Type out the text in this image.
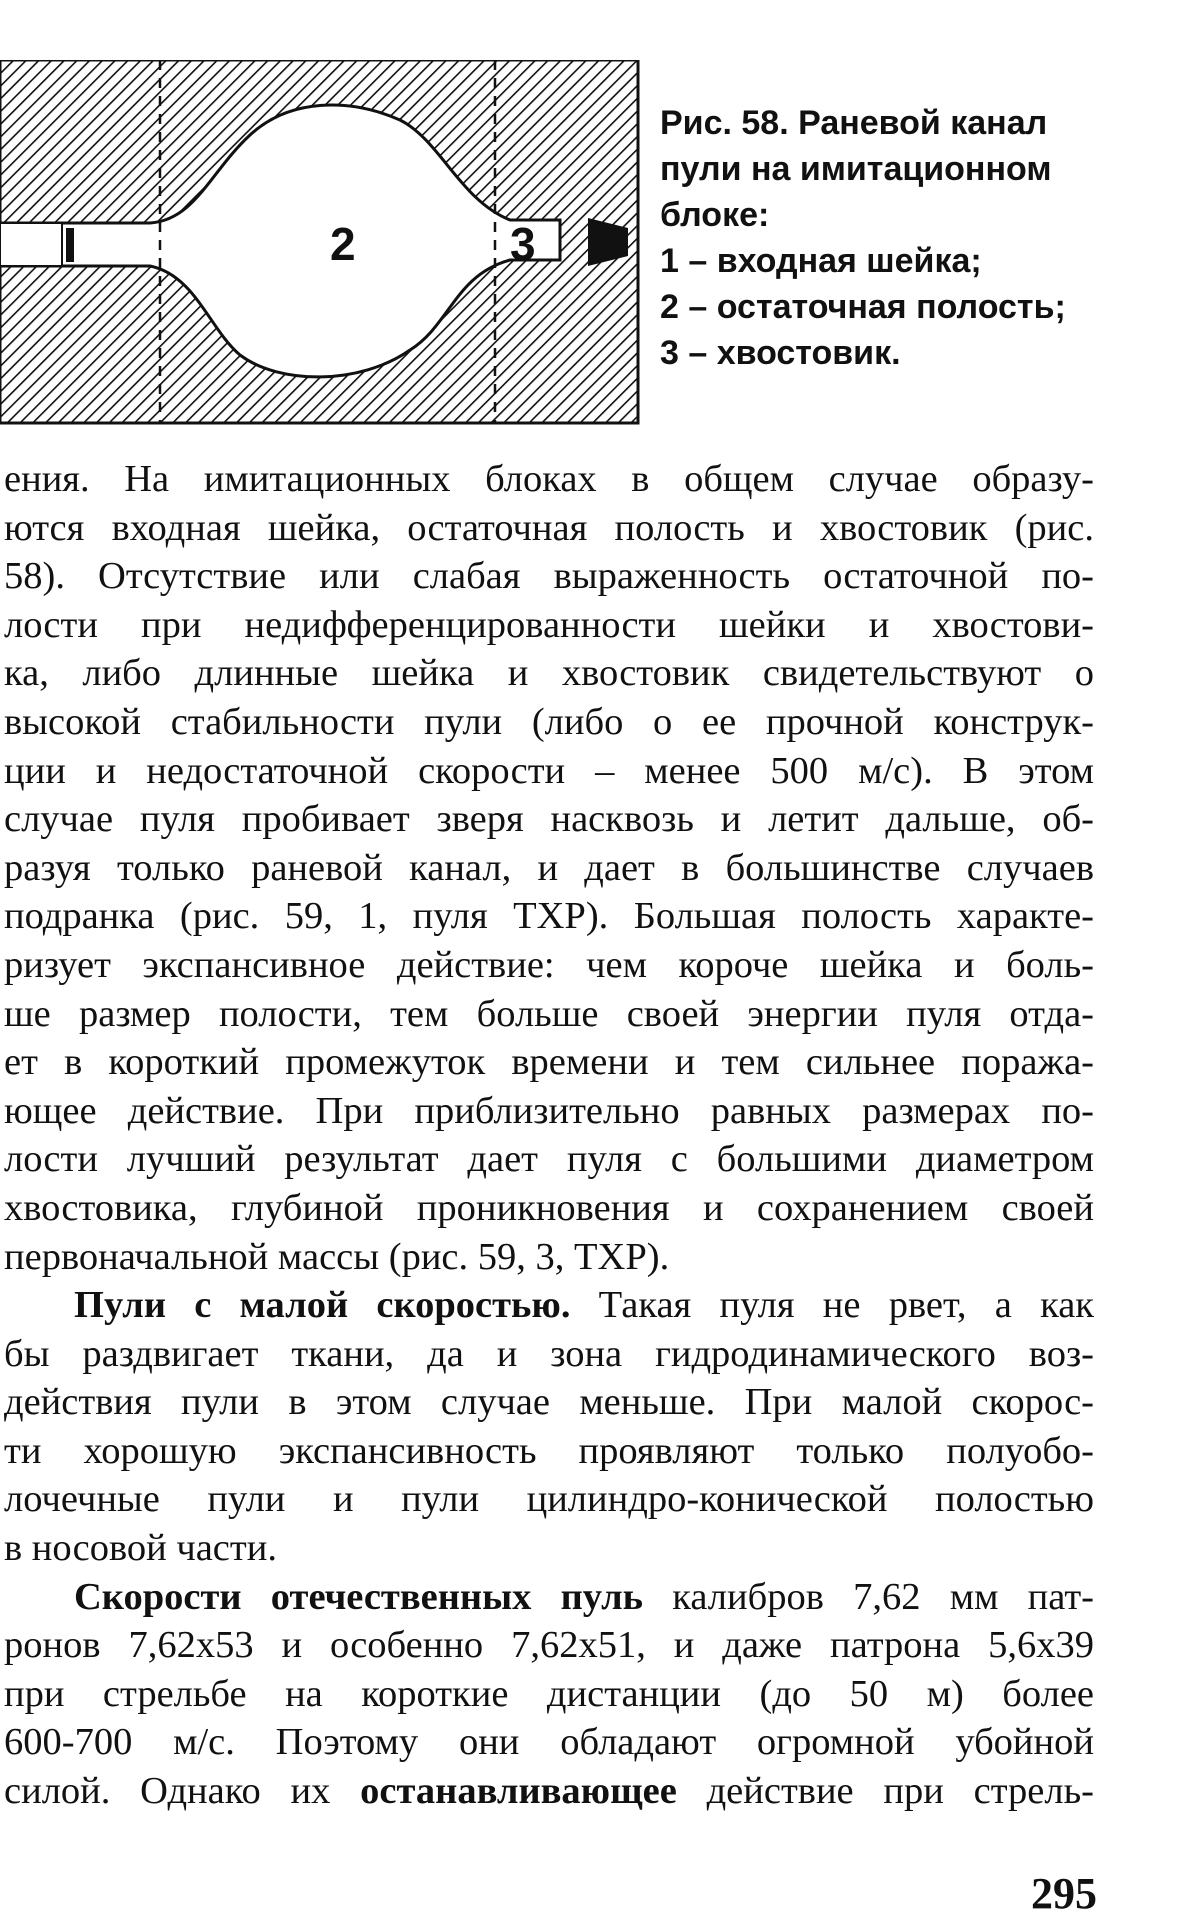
2	3
Рис. 58. Раневой канал
пули на имитационном
блоке:
1 – входная шейка;
2 – остаточная полость;
3 – хвостовик.
ения. На имитационных блоках в общем случае образу-
ются входная шейка, остаточная полость и хвостовик (рис.
58). Отсутствие или слабая выраженность остаточной по-
лости при недифференцированности шейки и хвостови-
ка, либо длинные шейка и хвостовик свидетельствуют о
высокой стабильности пули (либо о ее прочной конструк-
ции и недостаточной скорости – менее 500 м/с). В этом
случае пуля пробивает зверя насквозь и летит дальше, об-
разуя только раневой канал, и дает в большинстве случаев
подранка (рис. 59, 1, пуля ТХР). Большая полость характе-
ризует экспансивное действие: чем короче шейка и боль-
ше размер полости, тем больше своей энергии пуля отда-
ет в короткий промежуток времени и тем сильнее поража-
ющее действие. При приблизительно равных размерах по-
лости лучший результат дает пуля с большими диаметром
хвостовика, глубиной проникновения и сохранением своей
первоначальной массы (рис. 59, 3, ТХР).
Пули с малой скоростью. Такая пуля не рвет, а как
бы раздвигает ткани, да и зона гидродинамического воз-
действия пули в этом случае меньше. При малой скорос-
ти хорошую экспансивность проявляют только полуобо-
лочечные пули и пули цилиндро-конической полостью
в носовой части.
Скорости отечественных пуль калибров 7,62 мм пат-
ронов 7,62х53 и особенно 7,62х51, и даже патрона 5,6х39
при стрельбе на короткие дистанции (до 50 м) более
600-700 м/с. Поэтому они обладают огромной убойной
силой. Однако их останавливающее действие при стрель-
295
